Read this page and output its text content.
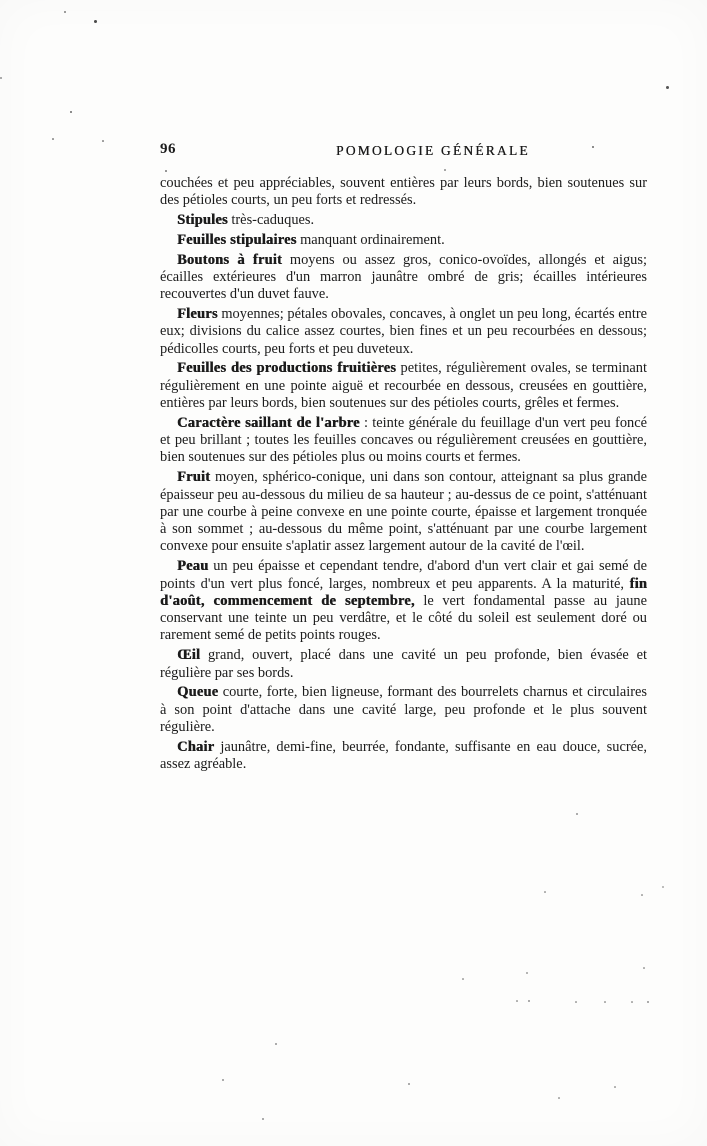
96	POMOLOGIE GÉNÉRALE

couchées et peu appréciables, souvent entières par leurs bords, bien soutenues sur des pétioles courts, un peu forts et redressés.

Stipules très-caduques.

Feuilles stipulaires manquant ordinairement.

Boutons à fruit moyens ou assez gros, conico-ovoïdes, allongés et aigus; écailles extérieures d'un marron jaunâtre ombré de gris; écailles intérieures recouvertes d'un duvet fauve.

Fleurs moyennes; pétales obovales, concaves, à onglet un peu long, écartés entre eux; divisions du calice assez courtes, bien fines et un peu recourbées en dessous; pédicolles courts, peu forts et peu duveteux.

Feuilles des productions fruitières petites, régulièrement ovales, se terminant régulièrement en une pointe aiguë et recourbée en dessous, creusées en gouttière, entières par leurs bords, bien soutenues sur des pétioles courts, grêles et fermes.

Caractère saillant de l'arbre : teinte générale du feuillage d'un vert peu foncé et peu brillant ; toutes les feuilles concaves ou régulièrement creusées en gouttière, bien soutenues sur des pétioles plus ou moins courts et fermes.

Fruit moyen, sphérico-conique, uni dans son contour, atteignant sa plus grande épaisseur peu au-dessous du milieu de sa hauteur ; au-dessus de ce point, s'atténuant par une courbe à peine convexe en une pointe courte, épaisse et largement tronquée à son sommet ; au-dessous du même point, s'atténuant par une courbe largement convexe pour ensuite s'aplatir assez largement autour de la cavité de l'œil.

Peau un peu épaisse et cependant tendre, d'abord d'un vert clair et gai semé de points d'un vert plus foncé, larges, nombreux et peu apparents. A la maturité, fin d'août, commencement de septembre, le vert fondamental passe au jaune conservant une teinte un peu verdâtre, et le côté du soleil est seulement doré ou rarement semé de petits points rouges.

Œil grand, ouvert, placé dans une cavité un peu profonde, bien évasée et régulière par ses bords.

Queue courte, forte, bien ligneuse, formant des bourrelets charnus et circulaires à son point d'attache dans une cavité large, peu profonde et le plus souvent régulière.

Chair jaunâtre, demi-fine, beurrée, fondante, suffisante en eau douce, sucrée, assez agréable.
